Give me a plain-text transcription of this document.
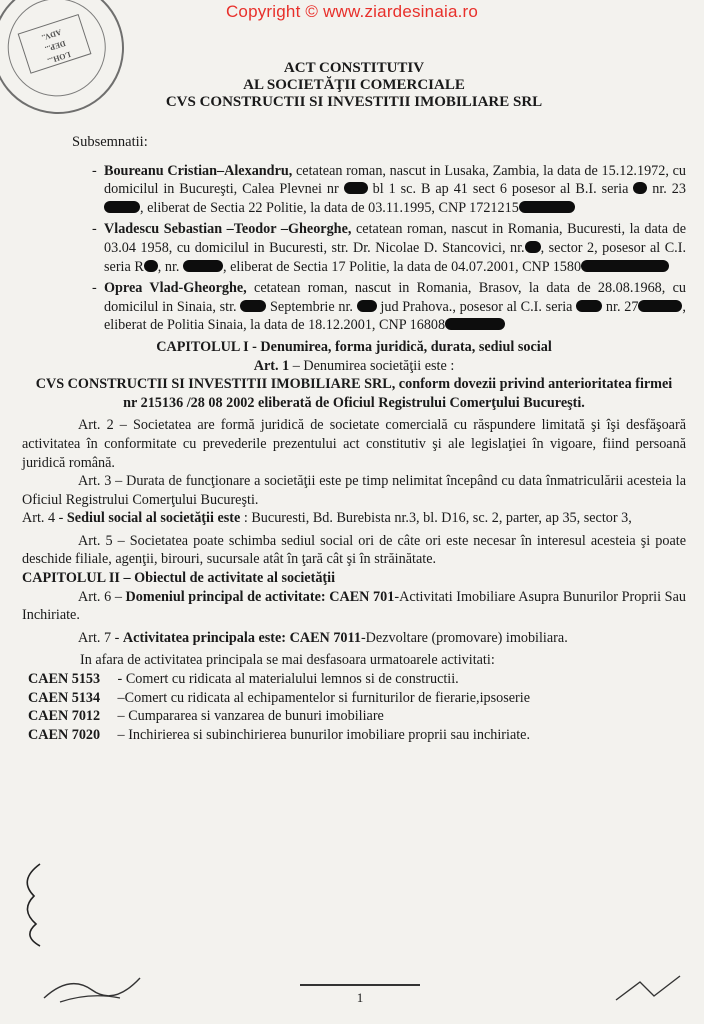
Copyright © www.ziardesinaia.ro
LOH...
DEP...
ADV..
ACT CONSTITUTIV
AL SOCIETĂŢII COMERCIALE
CVS CONSTRUCTII SI INVESTITII IMOBILIARE SRL
Subsemnatii:
- Boureanu Cristian–Alexandru, cetatean roman, nascut in Lusaka, Zambia, la data de 15.12.1972, cu domicilul in Bucureşti, Calea Plevnei nr  bl 1 sc. B ap 41 sect 6 posesor al B.I. seria  nr. 23, eliberat de Sectia 22 Politie, la data de 03.11.1995, CNP 1721215
- Vladescu Sebastian –Teodor –Gheorghe, cetatean roman, nascut in Romania, Bucuresti, la data de 03.04 1958, cu domicilul in Bucuresti, str. Dr. Nicolae D. Stancovici, nr. , sector 2, posesor al C.I. seria R , nr.	, eliberat de Sectia 17 Politie, la data de 04.07.2001, CNP 1580
- Oprea Vlad-Gheorghe, cetatean roman, nascut in Romania, Brasov, la data de 28.08.1968, cu domicilul in Sinaia, str.  Septembrie nr.  jud Prahova., posesor al C.I. seria  nr. 27	, eliberat de Politia Sinaia, la data de 18.12.2001, CNP 16808
CAPITOLUL I - Denumirea, forma juridică, durata, sediul social
Art. 1 – Denumirea societăţii este :
CVS CONSTRUCTII SI INVESTITII IMOBILIARE SRL, conform dovezii privind anterioritatea firmei nr 215136 /28 08 2002 eliberată de Oficiul Registrului Comerţului Bucureşti.

Art. 2 – Societatea are formă juridică de societate comercială cu răspundere limitată şi îşi desfăşoară activitatea în conformitate cu prevederile prezentului act constitutiv şi ale legislaţiei în vigoare, fiind persoană juridică română.

Art. 3 – Durata de funcţionare a societăţii este pe timp nelimitat începând cu data înmatriculării acesteia la Oficiul Registrului Comerţului Bucureşti.

Art. 4 - Sediul social al societăţii este : Bucuresti, Bd. Burebista nr.3, bl. D16, sc. 2, parter, ap 35, sector 3,

Art. 5 – Societatea poate schimba sediul social ori de câte ori este necesar în interesul acesteia şi poate deschide filiale, agenţii, birouri, sucursale atât în ţară cât şi în străinătate.

CAPITOLUL II – Obiectul de activitate al societăţii

Art. 6 – Domeniul principal de activitate: CAEN 701-Activitati Imobiliare Asupra Bunurilor Proprii Sau Inchiriate.

Art. 7 - Activitatea principala este: CAEN 7011-Dezvoltare (promovare) imobiliara.

In afara de activitatea principala se mai desfasoara urmatoarele activitati:

CAEN 5153 - Comert cu ridicata al materialului lemnos si de constructii.
CAEN 5134 –Comert cu ridicata al echipamentelor si furniturilor de fierarie,ipsoserie
CAEN 7012 – Cumpararea si vanzarea de bunuri imobiliare
CAEN 7020 – Inchirierea si subinchirierea bunurilor imobiliare proprii sau inchiriate.
1
